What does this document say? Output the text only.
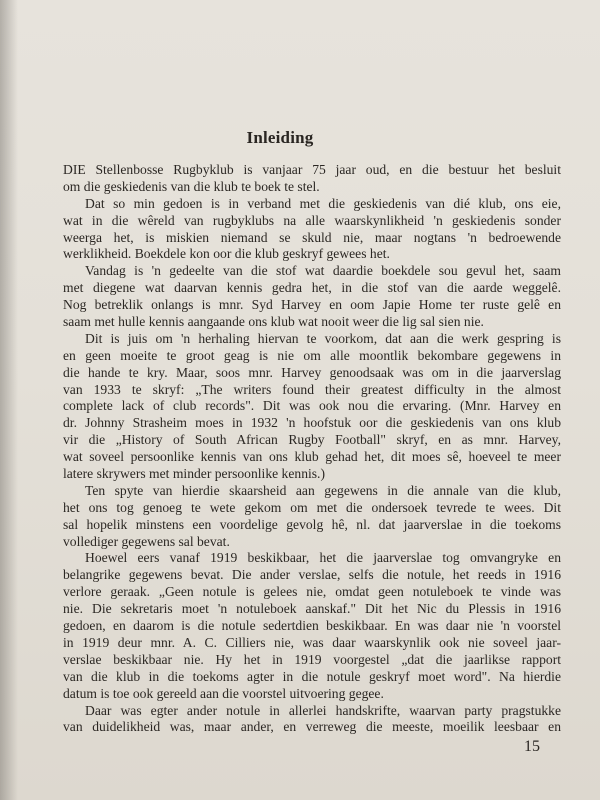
Inleiding
DIE Stellenbosse Rugbyklub is vanjaar 75 jaar oud, en die bestuur het besluit
om die geskiedenis van die klub te boek te stel.
Dat so min gedoen is in verband met die geskiedenis van dié klub, ons eie,
wat in die wêreld van rugbyklubs na alle waarskynlikheid 'n geskiedenis sonder
weerga het, is miskien niemand se skuld nie, maar nogtans 'n bedroewende
werklikheid. Boekdele kon oor die klub geskryf gewees het.
Vandag is 'n gedeelte van die stof wat daardie boekdele sou gevul het, saam
met diegene wat daarvan kennis gedra het, in die stof van die aarde weggelê.
Nog betreklik onlangs is mnr. Syd Harvey en oom Japie Home ter ruste gelê en
saam met hulle kennis aangaande ons klub wat nooit weer die lig sal sien nie.
Dit is juis om 'n herhaling hiervan te voorkom, dat aan die werk gespring is
en geen moeite te groot geag is nie om alle moontlik bekombare gegewens in
die hande te kry. Maar, soos mnr. Harvey genoodsaak was om in die jaarverslag
van 1933 te skryf: „The writers found their greatest difficulty in the almost
complete lack of club records". Dit was ook nou die ervaring. (Mnr. Harvey en
dr. Johnny Strasheim moes in 1932 'n hoofstuk oor die geskiedenis van ons klub
vir die „History of South African Rugby Football" skryf, en as mnr. Harvey,
wat soveel persoonlike kennis van ons klub gehad het, dit moes sê, hoeveel te meer
latere skrywers met minder persoonlike kennis.)
Ten spyte van hierdie skaarsheid aan gegewens in die annale van die klub,
het ons tog genoeg te wete gekom om met die ondersoek tevrede te wees. Dit
sal hopelik minstens een voordelige gevolg hê, nl. dat jaarverslae in die toekoms
vollediger gegewens sal bevat.
Hoewel eers vanaf 1919 beskikbaar, het die jaarverslae tog omvangryke en
belangrike gegewens bevat. Die ander verslae, selfs die notule, het reeds in 1916
verlore geraak. „Geen notule is gelees nie, omdat geen notuleboek te vinde was
nie. Die sekretaris moet 'n notuleboek aanskaf." Dit het Nic du Plessis in 1916
gedoen, en daarom is die notule sedertdien beskikbaar. En was daar nie 'n voorstel
in 1919 deur mnr. A. C. Cilliers nie, was daar waarskynlik ook nie soveel jaar-
verslae beskikbaar nie. Hy het in 1919 voorgestel „dat die jaarlikse rapport
van die klub in die toekoms agter in die notule geskryf moet word". Na hierdie
datum is toe ook gereeld aan die voorstel uitvoering gegee.
Daar was egter ander notule in allerlei handskrifte, waarvan party pragstukke
van duidelikheid was, maar ander, en verreweg die meeste, moeilik leesbaar en
15
